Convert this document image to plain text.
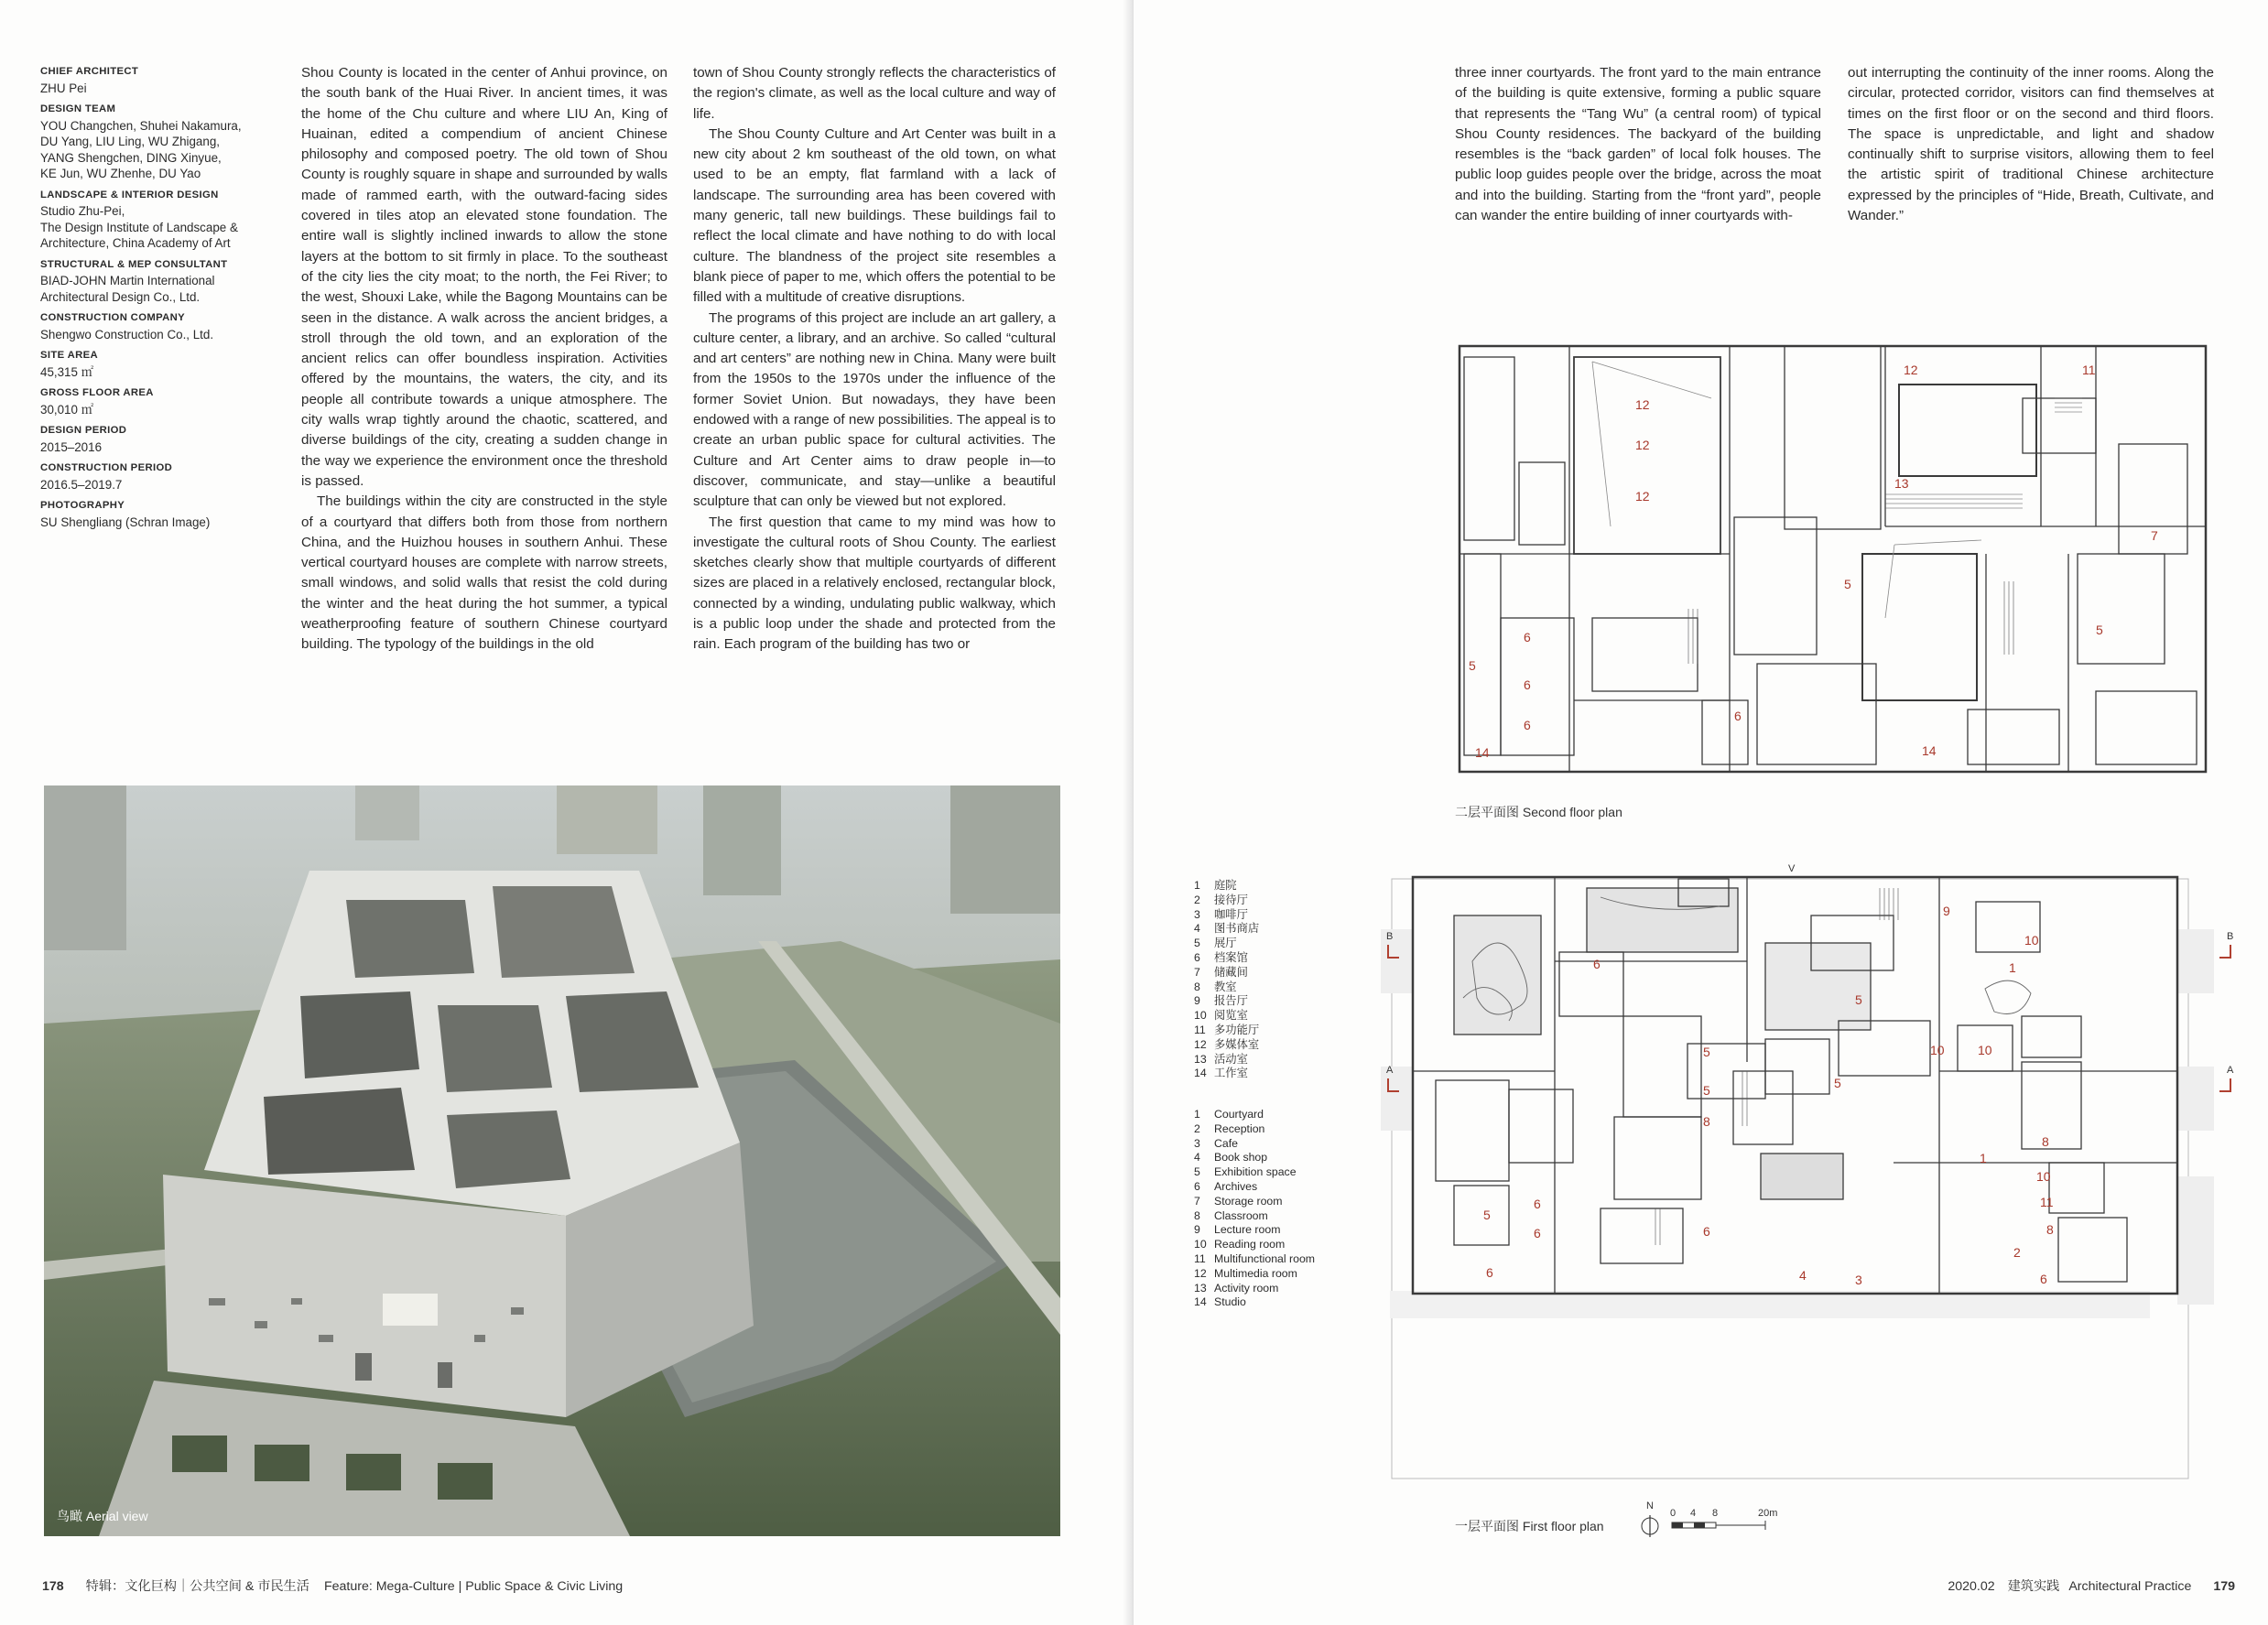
CHIEF ARCHITECT
ZHU Pei
DESIGN TEAM
YOU Changchen, Shuhei Nakamura,
DU Yang, LIU Ling, WU Zhigang,
YANG Shengchen, DING Xinyue,
KE Jun, WU Zhenhe, DU Yao
LANDSCAPE & INTERIOR DESIGN
Studio Zhu-Pei,
The Design Institute of Landscape &
Architecture, China Academy of Art
STRUCTURAL & MEP CONSULTANT
BIAD-JOHN Martin International
Architectural Design Co., Ltd.
CONSTRUCTION COMPANY
Shengwo Construction Co., Ltd.
SITE AREA
45,315 ㎡
GROSS FLOOR AREA
30,010 ㎡
DESIGN PERIOD
2015–2016
CONSTRUCTION PERIOD
2016.5–2019.7
PHOTOGRAPHY
SU Shengliang (Schran Image)

Shou County is located in the center of Anhui province, on the south bank of the Huai River. In ancient times, it was the home of the Chu culture and where LIU An, King of Huainan, edited a compendium of ancient Chinese philosophy and composed poetry. The old town of Shou County is roughly square in shape and surrounded by walls made of rammed earth, with the outward-facing sides covered in tiles atop an elevated stone foundation. The entire wall is slightly inclined inwards to allow the stone layers at the bottom to sit firmly in place. To the southeast of the city lies the city moat; to the north, the Fei River; to the west, Shouxi Lake, while the Bagong Mountains can be seen in the distance. A walk across the ancient bridges, a stroll through the old town, and an exploration of the ancient relics can offer boundless inspiration. Activities offered by the mountains, the waters, the city, and its people all contribute towards a unique atmosphere. The city walls wrap tightly around the chaotic, scattered, and diverse buildings of the city, creating a sudden change in the way we experience the environment once the threshold is passed.

The buildings within the city are constructed in the style of a courtyard that differs both from those from northern China, and the Huizhou houses in southern Anhui. These vertical courtyard houses are complete with narrow streets, small windows, and solid walls that resist the cold during the winter and the heat during the hot summer, a typical weatherproofing feature of southern Chinese courtyard building. The typology of the buildings in the old

town of Shou County strongly reflects the characteristics of the region's climate, as well as the local culture and way of life.

The Shou County Culture and Art Center was built in a new city about 2 km southeast of the old town, on what used to be an empty, flat farmland with a lack of landscape. The surrounding area has been covered with many generic, tall new buildings. These buildings fail to reflect the local climate and have nothing to do with local culture. The blandness of the project site resembles a blank piece of paper to me, which offers the potential to be filled with a multitude of creative disruptions.

The programs of this project are include an art gallery, a culture center, a library, and an archive. So called “cultural and art centers” are nothing new in China. Many were built from the 1950s to the 1970s under the influence of the former Soviet Union. But nowadays, they have been endowed with a range of new possibilities. The appeal is to create an urban public space for cultural activities. The Culture and Art Center aims to draw people in—to discover, communicate, and stay—unlike a beautiful sculpture that can only be viewed but not explored.

The first question that came to my mind was how to investigate the cultural roots of Shou County. The earliest sketches clearly show that multiple courtyards of different sizes are placed in a relatively enclosed, rectangular block, connected by a winding, undulating public walkway, which is a public loop under the shade and protected from the rain. Each program of the building has two or

鸟瞰 Aerial view
178 特辑：文化巨构｜公共空间 & 市民生活 Feature: Mega-Culture | Public Space & Civic Living

three inner courtyards. The front yard to the main entrance of the building is quite extensive, forming a public square that represents the “Tang Wu” (a central room) of typical Shou County residences. The backyard of the building resembles is the “back garden” of local folk houses. The public loop guides people over the bridge, across the moat and into the building. Starting from the “front yard”, people can wander the entire building of inner courtyards with-

out interrupting the continuity of the inner rooms. Along the circular, protected corridor, visitors can find themselves at times on the first floor or on the second and third floors. The space is unpredictable, and light and shadow continually shift to surprise visitors, allowing them to feel the artistic spirit of traditional Chinese architecture expressed by the principles of “Hide, Breath, Cultivate, and Wander.”

12	11
12
12
12
13
7
5
6
6
6
5
5
6
14	14
二层平面图 Second floor plan
1	庭院
2	接待厅
3	咖啡厅
4	图书商店
5	展厅
6	档案馆
7	储藏间
8	教室
9	报告厅
10 阅览室
11 多功能厅
12 多媒体室
13 活动室
14 工作室
1	Courtyard
2	Reception
3	Cafe
4	Book shop
5	Exhibition space
6	Archives
7	Storage room
8	Classroom
9	Lecture room
10 Reading room
11 Multifunctional room
12 Multimedia room
13 Activity room
14 Studio
6
9
10
1
5
5	10	10
5	5
8
8
1
10
11
5
6
6
6
8
2
4	3
6
6
V
B
A
B
A
一层平面图 First floor plan
N
0 4 8	20m
2020.02 建筑实践 Architectural Practice 179
